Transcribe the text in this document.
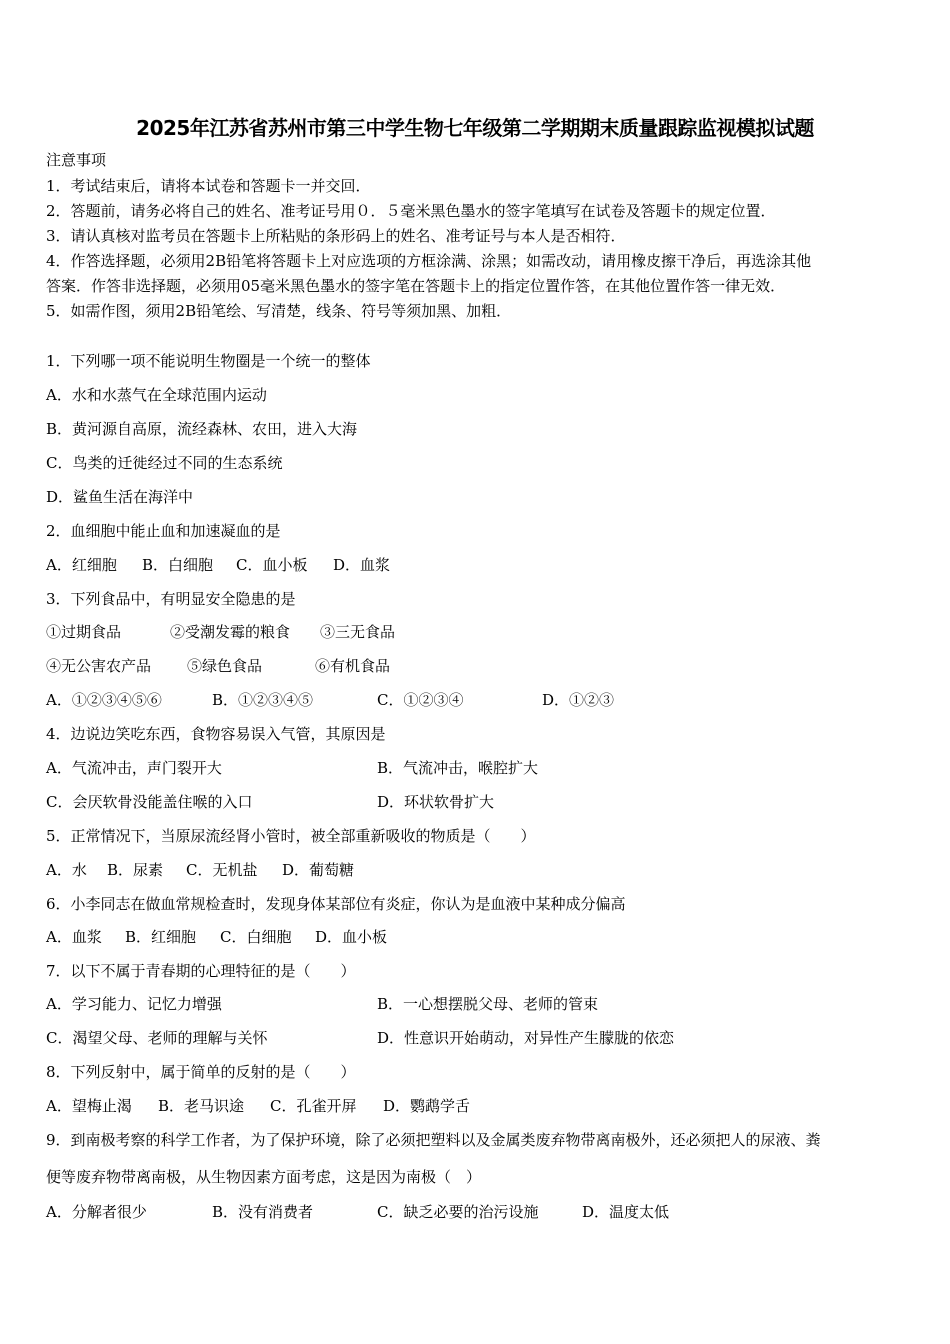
2025年江苏省苏州市第三中学生物七年级第二学期期末质量跟踪监视模拟试题
注意事项
1．考试结束后，请将本试卷和答题卡一并交回．
2．答题前，请务必将自己的姓名、准考证号用０．５毫米黑色墨水的签字笔填写在试卷及答题卡的规定位置．
3．请认真核对监考员在答题卡上所粘贴的条形码上的姓名、准考证号与本人是否相符．
4．作答选择题，必须用2B铅笔将答题卡上对应选项的方框涂满、涂黑；如需改动，请用橡皮擦干净后，再选涂其他
答案．作答非选择题，必须用05毫米黑色墨水的签字笔在答题卡上的指定位置作答，在其他位置作答一律无效．
5．如需作图，须用2B铅笔绘、写清楚，线条、符号等须加黑、加粗．
1．下列哪一项不能说明生物圈是一个统一的整体
A．水和水蒸气在全球范围内运动
B．黄河源自高原，流经森林、农田，进入大海
C．鸟类的迁徙经过不同的生态系统
D．鲨鱼生活在海洋中
2．血细胞中能止血和加速凝血的是
A．红细胞 B．白细胞 C．血小板 D．血浆
3．下列食品中，有明显安全隐患的是
①过期食品	②受潮发霉的粮食 ③三无食品
④无公害农产品 ⑤绿色食品	⑥有机食品
A．①②③④⑤⑥	B．①②③④⑤	C．①②③④	D．①②③
4．边说边笑吃东西，食物容易误入气管，其原因是
A．气流冲击，声门裂开大	B．气流冲击，喉腔扩大
C．会厌软骨没能盖住喉的入口	D．环状软骨扩大
5．正常情况下，当原尿流经肾小管时，被全部重新吸收的物质是（　　）
A．水 B．尿素 C．无机盐 D．葡萄糖
6．小李同志在做血常规检查时，发现身体某部位有炎症，你认为是血液中某种成分偏高
A．血浆 B．红细胞 C．白细胞 D．血小板
7．以下不属于青春期的心理特征的是（　　）
A．学习能力、记忆力增强	B．一心想摆脱父母、老师的管束
C．渴望父母、老师的理解与关怀	D．性意识开始萌动，对异性产生朦胧的依恋
8．下列反射中，属于简单的反射的是（　　）
A．望梅止渴 B．老马识途 C．孔雀开屏 D．鹦鹉学舌
9．到南极考察的科学工作者，为了保护环境，除了必须把塑料以及金属类废弃物带离南极外，还必须把人的尿液、粪
便等废弃物带离南极，从生物因素方面考虑，这是因为南极（　）
A．分解者很少	B．没有消费者	C．缺乏必要的治污设施	D．温度太低
